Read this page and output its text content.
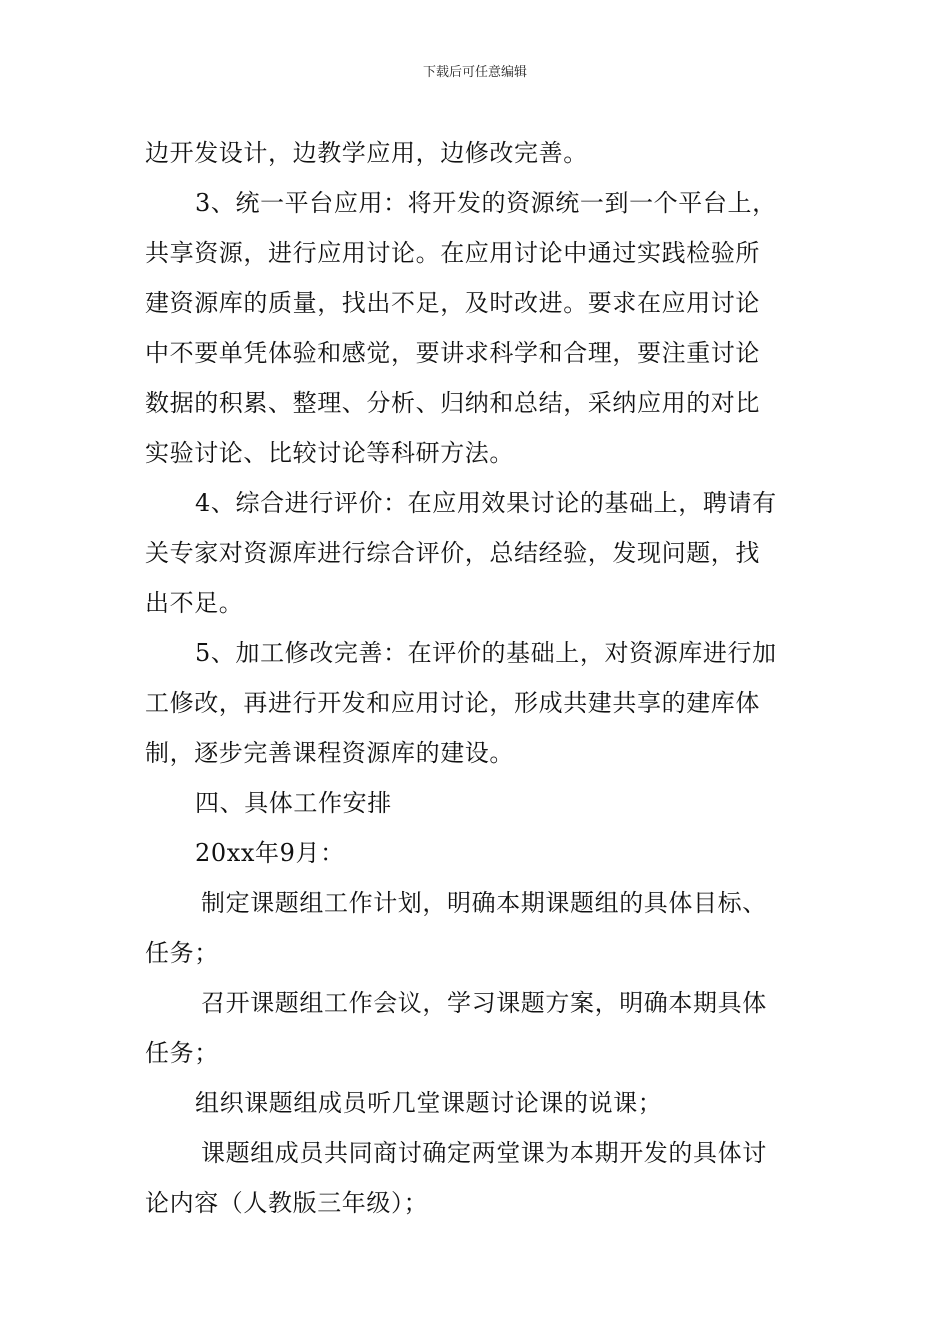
下载后可任意编辑
边开发设计，边教学应用，边修改完善。
3、统一平台应用：将开发的资源统一到一个平台上，
共享资源，进行应用讨论。在应用讨论中通过实践检验所
建资源库的质量，找出不足，及时改进。要求在应用讨论
中不要单凭体验和感觉，要讲求科学和合理，要注重讨论
数据的积累、整理、分析、归纳和总结，采纳应用的对比
实验讨论、比较讨论等科研方法。
4、综合进行评价：在应用效果讨论的基础上，聘请有
关专家对资源库进行综合评价，总结经验，发现问题，找
出不足。
5、加工修改完善：在评价的基础上，对资源库进行加
工修改，再进行开发和应用讨论，形成共建共享的建库体
制，逐步完善课程资源库的建设。
四、具体工作安排
20xx年9月：
制定课题组工作计划，明确本期课题组的具体目标、
任务；
召开课题组工作会议，学习课题方案，明确本期具体
任务；
组织课题组成员听几堂课题讨论课的说课；
课题组成员共同商讨确定两堂课为本期开发的具体讨
论内容（人教版三年级）；
